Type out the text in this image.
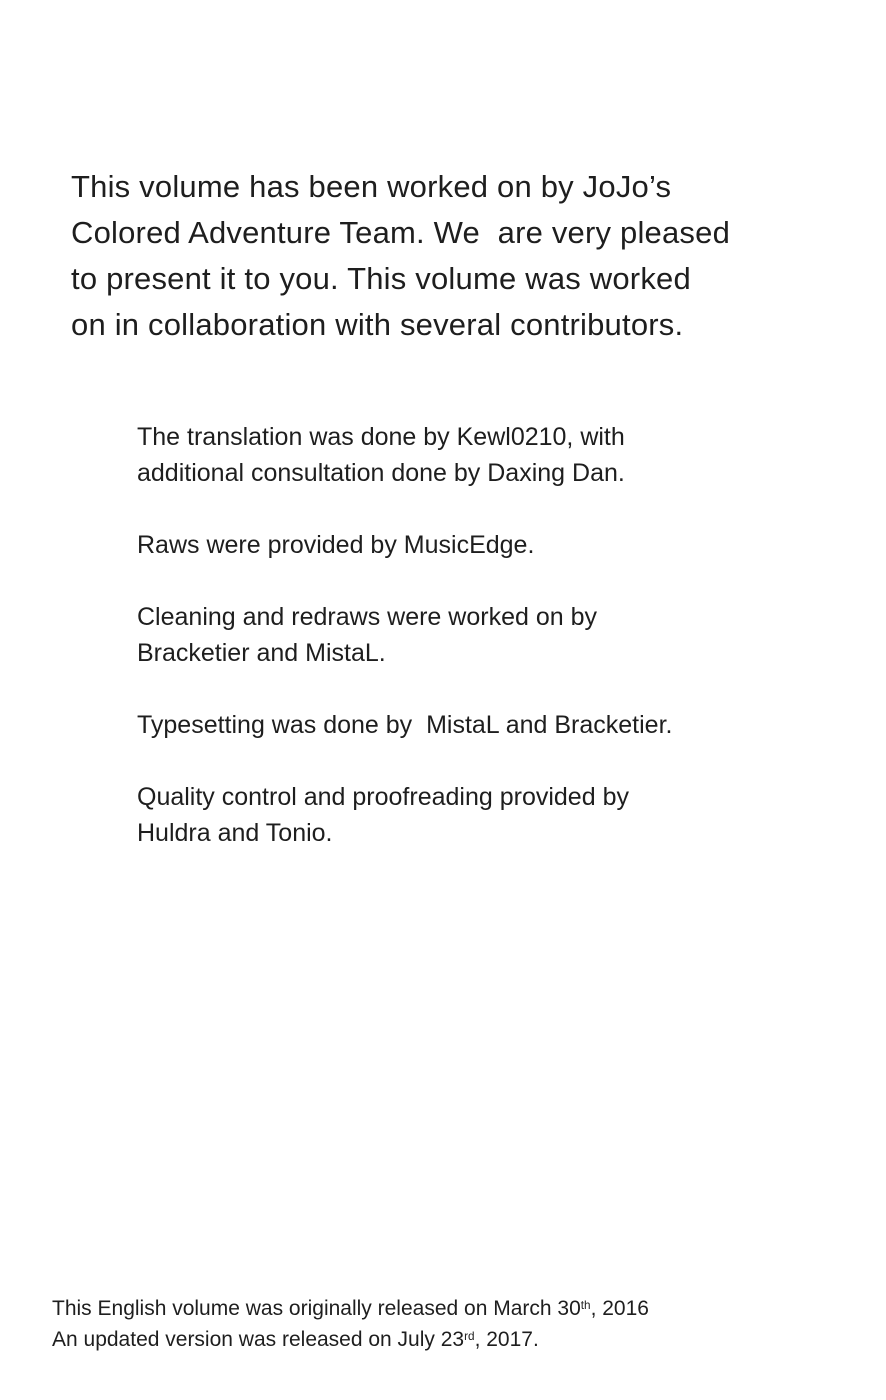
This volume has been worked on by JoJo’s
Colored Adventure Team. We  are very pleased
to present it to you. This volume was worked
on in collaboration with several contributors.
The translation was done by Kewl0210, with
additional consultation done by Daxing Dan.
Raws were provided by MusicEdge.
Cleaning and redraws were worked on by
Bracketier and MistaL.
Typesetting was done by  MistaL and Bracketier.
Quality control and proofreading provided by
Huldra and Tonio.
This English volume was originally released on March 30th, 2016
An updated version was released on July 23rd, 2017.
